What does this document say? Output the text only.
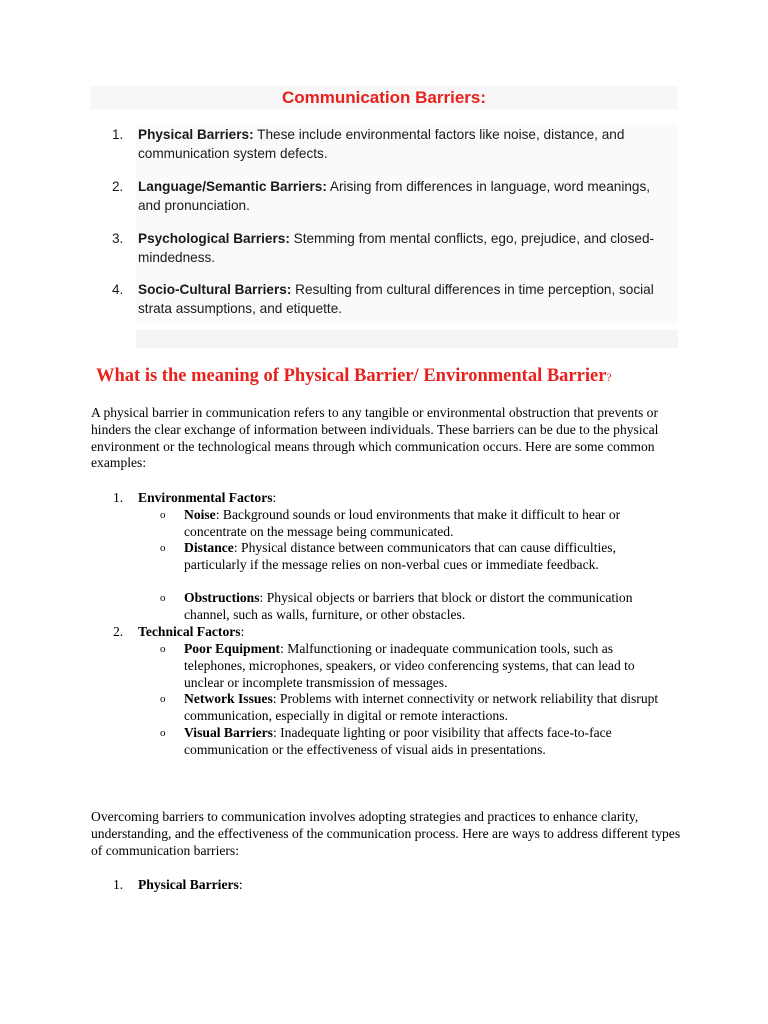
Communication Barriers:
1.	Physical Barriers: These include environmental factors like noise, distance, and communication system defects.
2.	Language/Semantic Barriers: Arising from differences in language, word meanings, and pronunciation.
3.	Psychological Barriers: Stemming from mental conflicts, ego, prejudice, and closed-mindedness.
4.	Socio-Cultural Barriers: Resulting from cultural differences in time perception, social strata assumptions, and etiquette.
What is the meaning of Physical Barrier/ Environmental Barrier?
A physical barrier in communication refers to any tangible or environmental obstruction that prevents or hinders the clear exchange of information between individuals. These barriers can be due to the physical environment or the technological means through which communication occurs. Here are some common examples:
1. Environmental Factors:
o Noise: Background sounds or loud environments that make it difficult to hear or concentrate on the message being communicated.
o Distance: Physical distance between communicators that can cause difficulties, particularly if the message relies on non-verbal cues or immediate feedback.
o Obstructions: Physical objects or barriers that block or distort the communication channel, such as walls, furniture, or other obstacles.
2. Technical Factors:
o Poor Equipment: Malfunctioning or inadequate communication tools, such as telephones, microphones, speakers, or video conferencing systems, that can lead to unclear or incomplete transmission of messages.
o Network Issues: Problems with internet connectivity or network reliability that disrupt communication, especially in digital or remote interactions.
o Visual Barriers: Inadequate lighting or poor visibility that affects face-to-face communication or the effectiveness of visual aids in presentations.
Overcoming barriers to communication involves adopting strategies and practices to enhance clarity, understanding, and the effectiveness of the communication process. Here are ways to address different types of communication barriers:
1. Physical Barriers:
